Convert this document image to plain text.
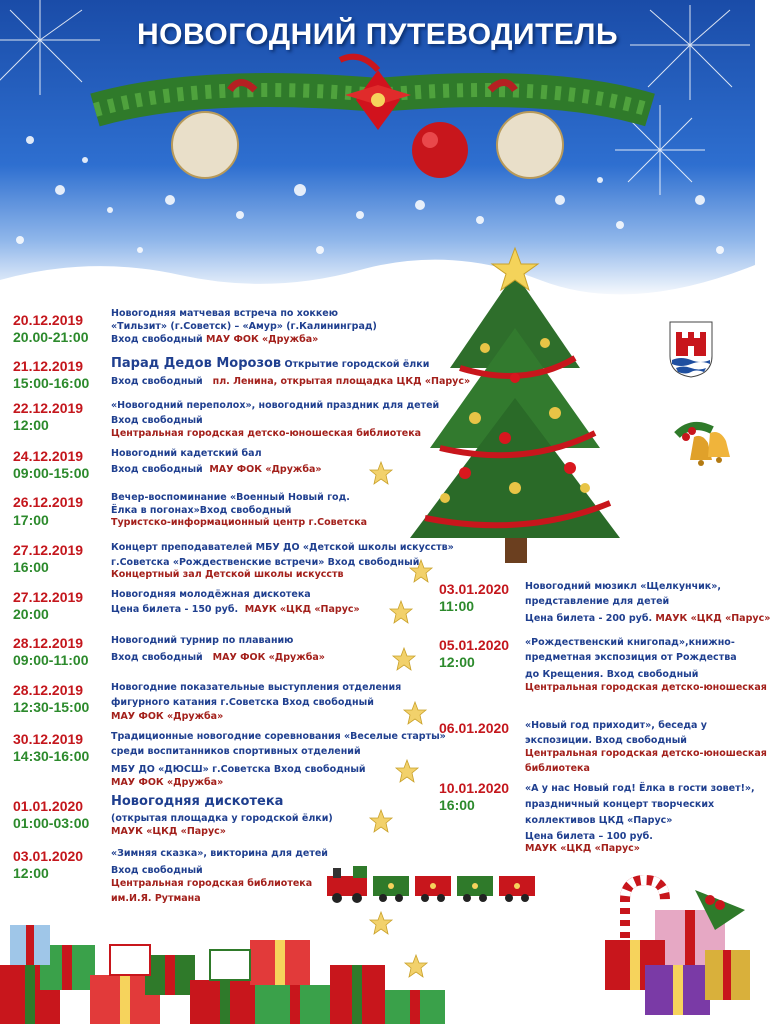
НОВОГОДНИЙ ПУТЕВОДИТЕЛЬ
20.12.2019
20.00-21:00
Новогодняя матчевая встреча по хоккею
«Тильзит» (г.Советск) – «Амур» (г.Калининград)
Вход свободный МАУ ФОК «Дружба»
21.12.2019
15:00-16:00
Парад Дедов Морозов Открытие городской ёлки
Вход свободный пл. Ленина, открытая площадка ЦКД «Парус»
22.12.2019
12:00
«Новогодний переполох», новогодний праздник для детей
Вход свободный
Центральная городская детско-юношеская библиотека
24.12.2019
09:00-15:00
Новогодний кадетский бал
Вход свободный МАУ ФОК «Дружба»
26.12.2019
17:00
Вечер-воспоминание «Военный Новый год.
Ёлка в погонах»Вход свободный
Туристско-информационный центр г.Советска
27.12.2019
16:00
Концерт преподавателей МБУ ДО «Детской школы искусств»
г.Советска «Рождественские встречи» Вход свободный
Концертный зал Детской школы искусств
27.12.2019
20:00
Новогодняя молодёжная дискотека
Цена билета - 150 руб. МАУК «ЦКД «Парус»
28.12.2019
09:00-11:00
Новогодний турнир по плаванию
Вход свободный МАУ ФОК «Дружба»
28.12.2019
12:30-15:00
Новогодние показательные выступления отделения
фигурного катания г.Советска Вход свободный
МАУ ФОК «Дружба»
30.12.2019
14:30-16:00
Традиционные новогодние соревнования «Веселые старты»
среди воспитанников спортивных отделений
МБУ ДО «ДЮСШ» г.Советска Вход свободный
МАУ ФОК «Дружба»
01.01.2020
01:00-03:00
Новогодняя дискотека
(открытая площадка у городской ёлки)
МАУК «ЦКД «Парус»
03.01.2020
12:00
«Зимняя сказка», викторина для детей
Вход свободный
Центральная городская библиотека
им.И.Я. Рутмана
03.01.2020
11:00
Новогодний мюзикл «Щелкунчик»,
представление для детей
Цена билета - 200 руб. МАУК «ЦКД «Парус»
05.01.2020
12:00
«Рождественский книгопад»,книжно-
предметная экспозиция от Рождества
до Крещения. Вход свободный
Центральная городская детско-юношеская
06.01.2020 «Новый год приходит», беседа у
экспозиции. Вход свободный
Центральная городская детско-юношеская
библиотека
10.01.2020
16:00
«А у нас Новый год! Ёлка в гости зовет!»,
праздничный концерт творческих
коллективов ЦКД «Парус»
Цена билета – 100 руб.
МАУК «ЦКД «Парус»
